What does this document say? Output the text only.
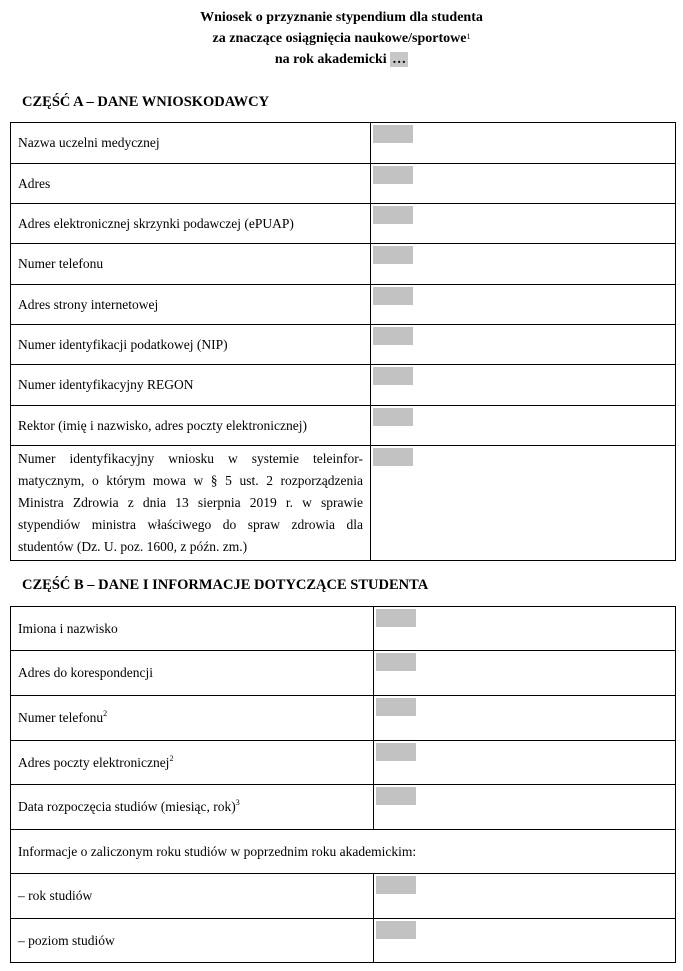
Wniosek o przyznanie stypendium dla studenta
za znaczące osiągnięcia naukowe/sportowe$^1$
na rok akademicki …
CZĘŚĆ A – DANE WNIOSKODAWCY
Nazwa uczelni medycznej	

Adres	

Adres elektronicznej skrzynki podawczej (ePUAP)	

Numer telefonu	

Adres strony internetowej	

Numer identyfikacji podatkowej (NIP)	

Numer identyfikacyjny REGON	

Rektor (imię i nazwisko, adres poczty elektronicznej)	

Numer identyfikacyjny wniosku w systemie teleinfor-matycznym, o którym mowa w § 5 ust. 2 rozporządzenia Ministra Zdrowia z dnia 13 sierpnia 2019 r. w sprawie stypendiów ministra właściwego do spraw zdrowia dla studentów (Dz. U. poz. 1600, z późn. zm.)	
CZĘŚĆ B – DANE I INFORMACJE DOTYCZĄCE STUDENTA
Imiona i nazwisko	

Adres do korespondencji	

Numer telefonu$^2$	

Adres poczty elektronicznej$^2$	

Data rozpoczęcia studiów (miesiąc, rok)$^3$	

Informacje o zaliczonym roku studiów w poprzednim roku akademickim:	
– rok studiów	

– poziom studiów	
